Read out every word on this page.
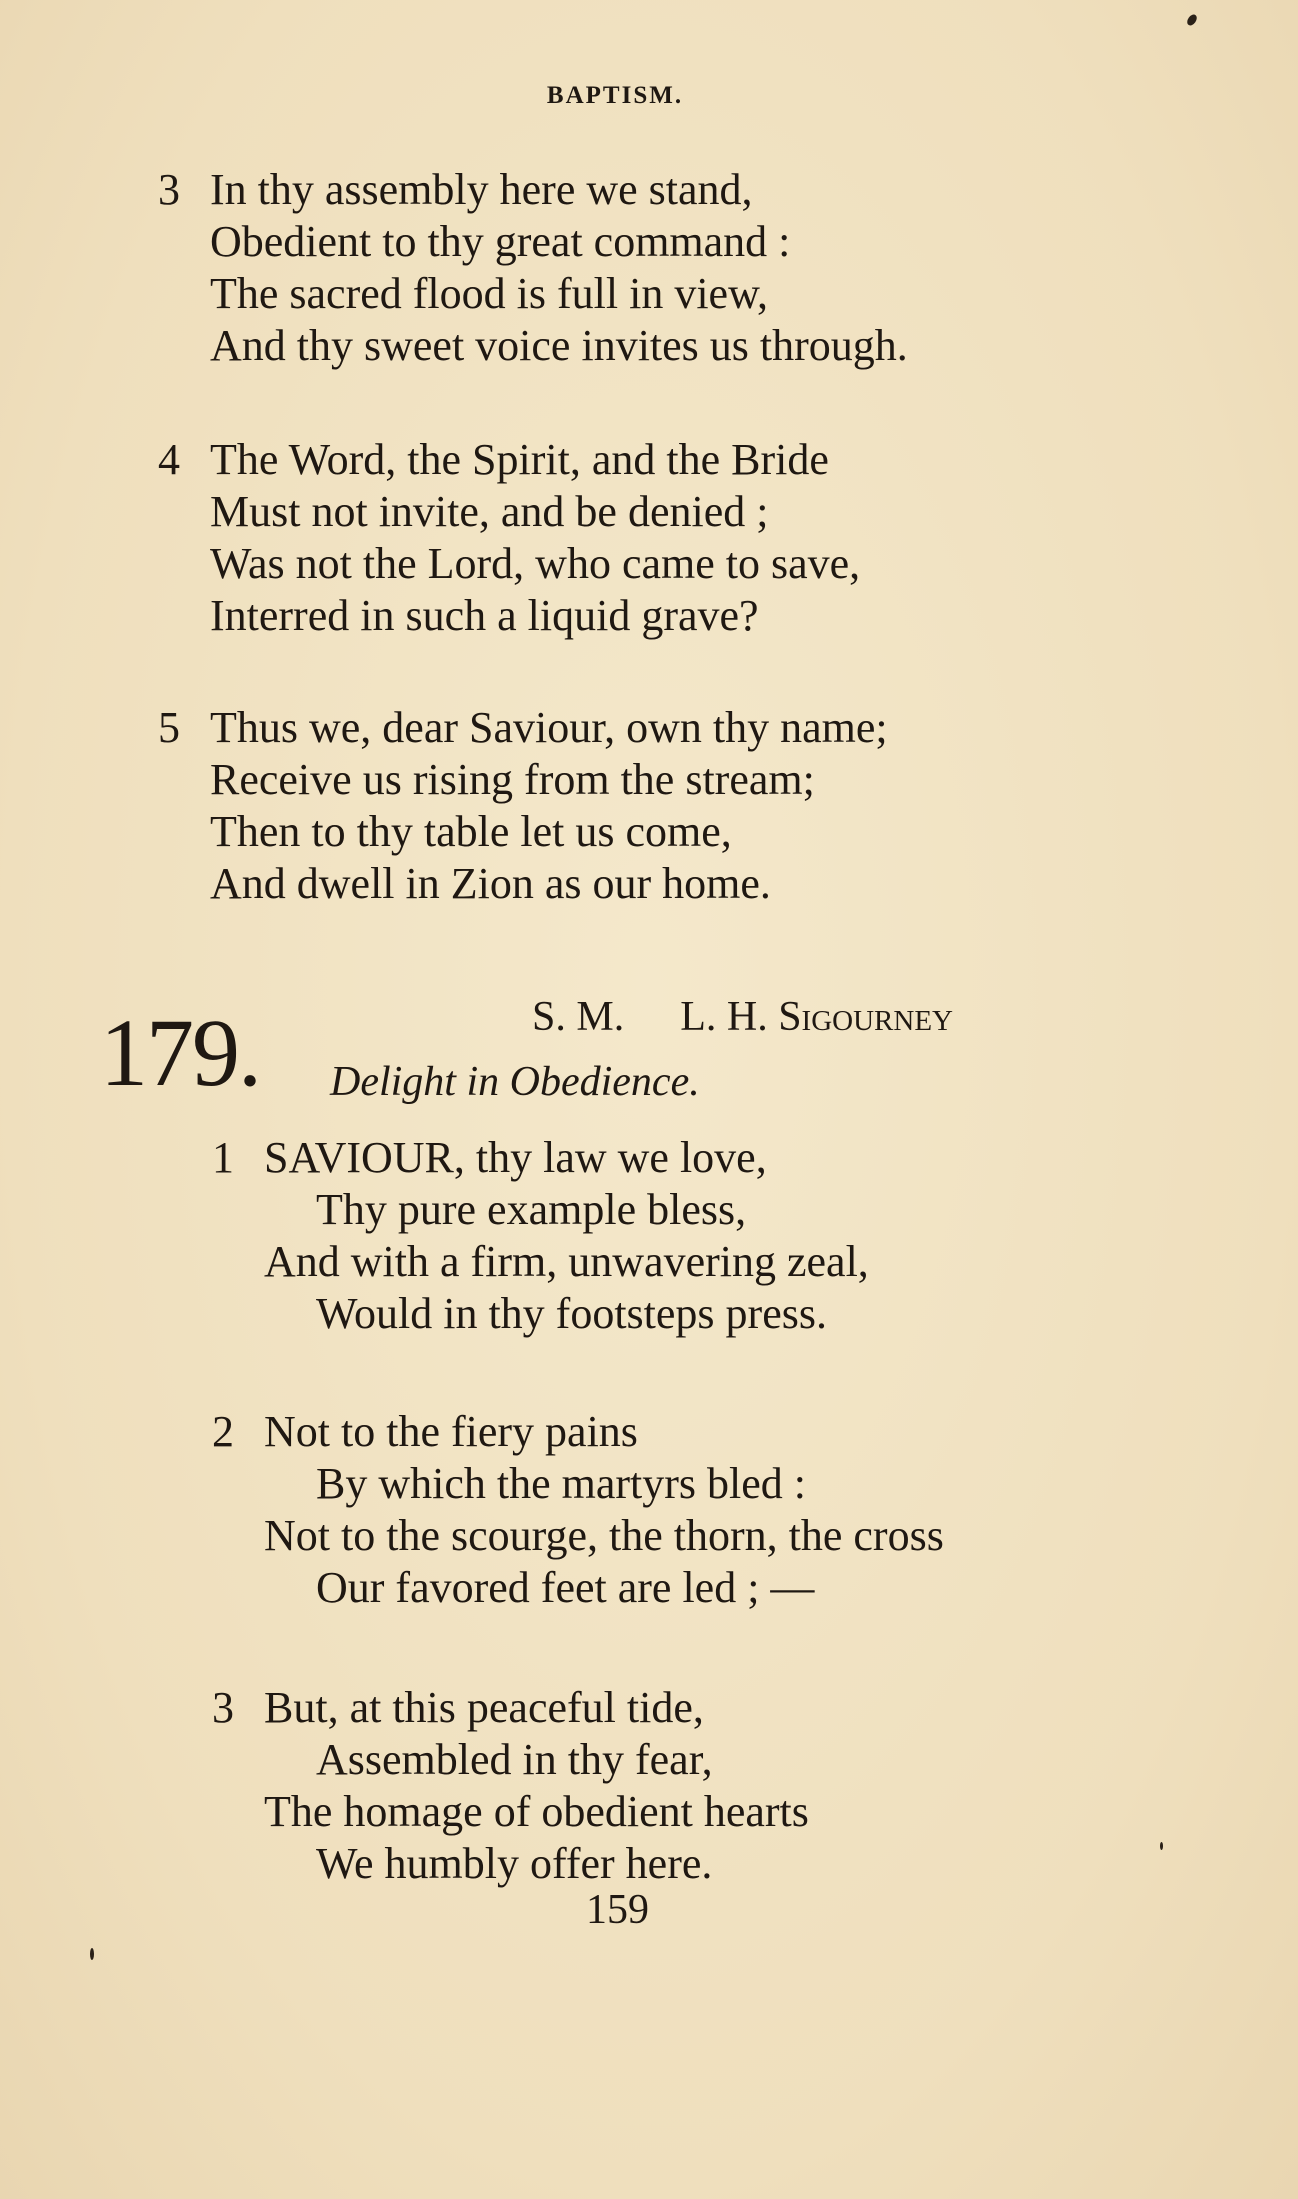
BAPTISM.
3 In thy assembly here we stand,
Obedient to thy great command :
The sacred flood is full in view,
And thy sweet voice invites us through.
4 The Word, the Spirit, and the Bride
Must not invite, and be denied ;
Was not the Lord, who came to save,
Interred in such a liquid grave?
5 Thus we, dear Saviour, own thy name;
Receive us rising from the stream;
Then to thy table let us come,
And dwell in Zion as our home.
179.	S. M. L. H. Sigourney
Delight in Obedience.
1 SAVIOUR, thy law we love,
Thy pure example bless,
And with a firm, unwavering zeal,
Would in thy footsteps press.
2 Not to the fiery pains
By which the martyrs bled :
Not to the scourge, the thorn, the cross
Our favored feet are led ; —
3 But, at this peaceful tide,
Assembled in thy fear,
The homage of obedient hearts
We humbly offer here.
159
